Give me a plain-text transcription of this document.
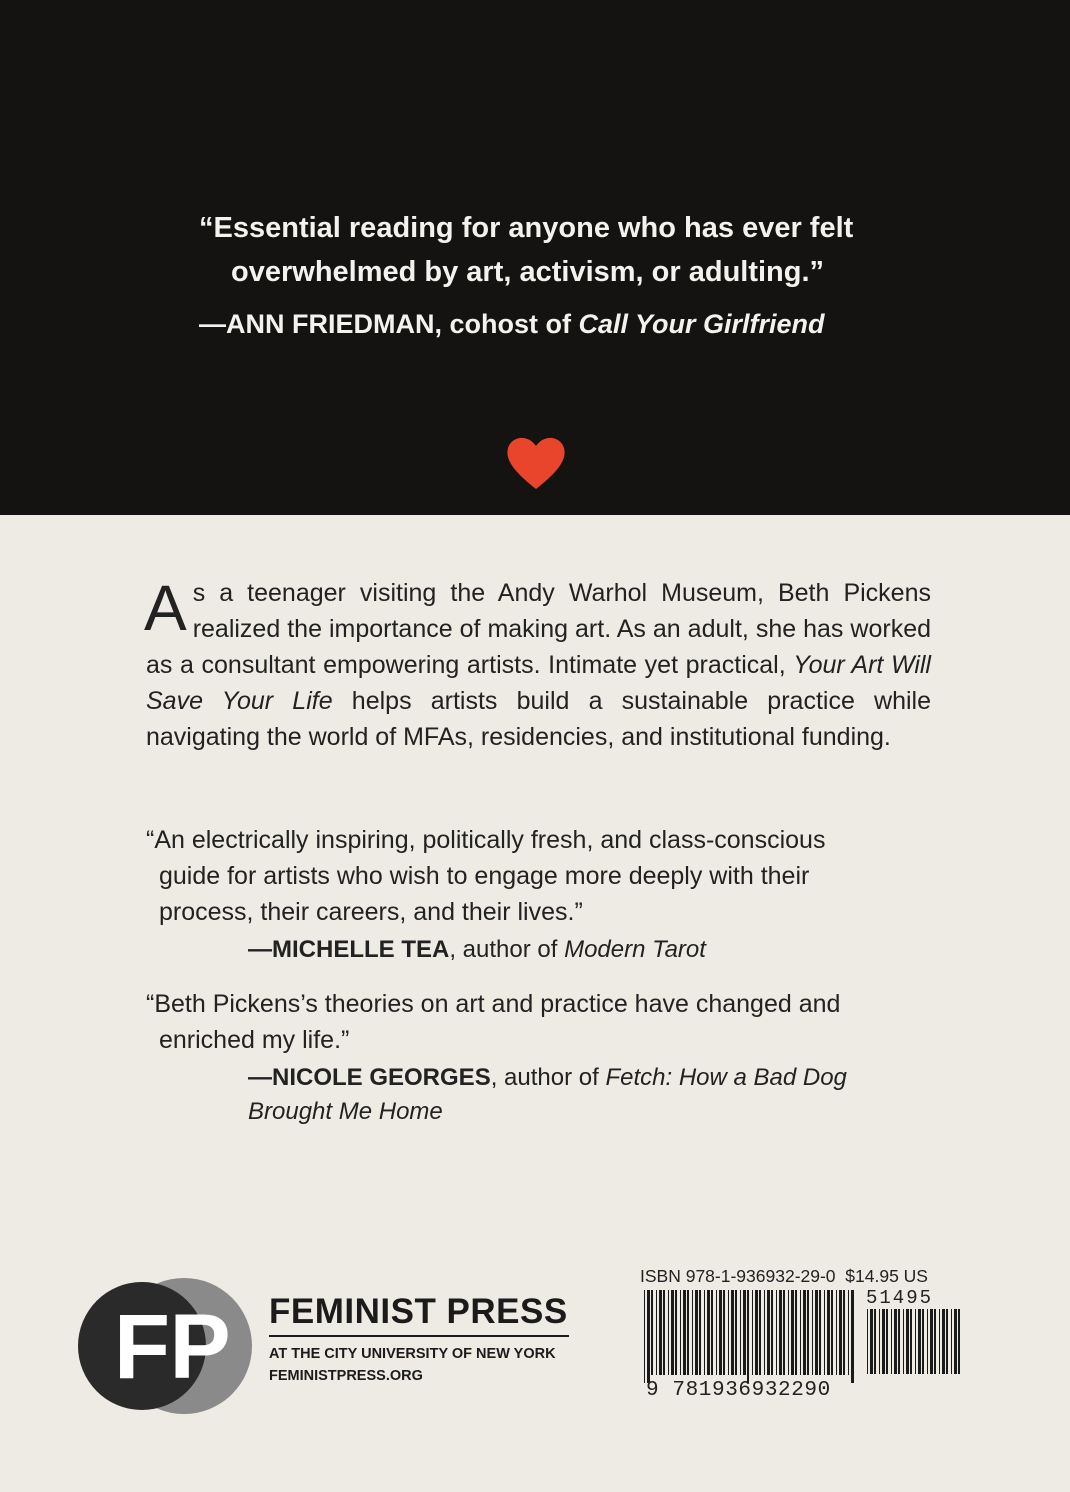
“Essential reading for anyone who has ever felt
overwhelmed by art, activism, or adulting.”

—ANN FRIEDMAN, cohost of Call Your Girlfriend

As a teenager visiting the Andy Warhol Museum, Beth Pickens realized the importance of making art. As an adult, she has worked as a consultant empowering artists. Intimate yet practical, Your Art Will Save Your Life helps artists build a sustainable practice while navigating the world of MFAs, residencies, and institutional funding.

“An electrically inspiring, politically fresh, and class-conscious
guide for artists who wish to engage more deeply with their
process, their careers, and their lives.”

—MICHELLE TEA, author of Modern Tarot

“Beth Pickens’s theories on art and practice have changed and
enriched my life.”

—NICOLE GEORGES, author of Fetch: How a Bad Dog
Brought Me Home
F P FEMINIST PRESS

AT THE CITY UNIVERSITY OF NEW YORK
FEMINISTPRESS.ORG
ISBN 978-1-936932-29-0 $14.95 US
51495
9 781936932290
